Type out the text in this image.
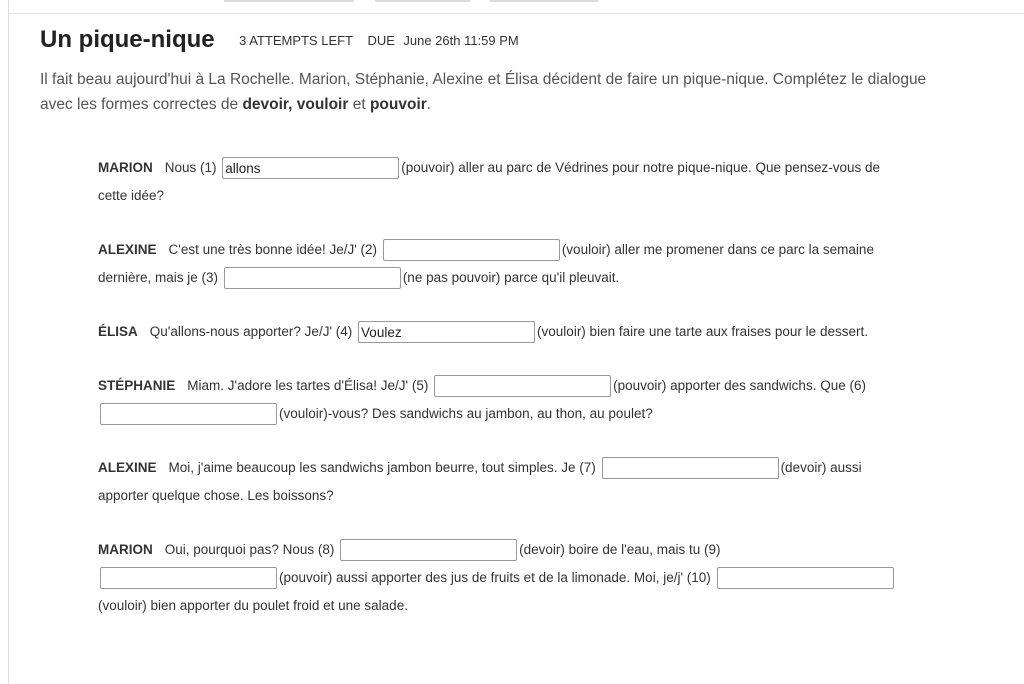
Un pique-nique 3 ATTEMPTS LEFT DUE June 26th 11:59 PM
Il fait beau aujourd'hui à La Rochelle. Marion, Stéphanie, Alexine et Élisa décident de faire un pique-nique. Complétez le dialogue avec les formes correctes de devoir, vouloir et pouvoir.
MARION Nous (1) allons	(pouvoir) aller au parc de Védrines pour notre pique-nique. Que pensez-vous de cette idée?
ALEXINE C'est une très bonne idée! Je/J' (2)	(vouloir) aller me promener dans ce parc la semaine dernière, mais je (3)	(ne pas pouvoir) parce qu'il pleuvait.
ÉLISA Qu'allons-nous apporter? Je/J' (4) Voulez	(vouloir) bien faire une tarte aux fraises pour le dessert.
STÉPHANIE Miam. J'adore les tartes d'Élisa! Je/J' (5)	(pouvoir) apporter des sandwichs. Que (6) (vouloir)-vous? Des sandwichs au jambon, au thon, au poulet?
ALEXINE Moi, j'aime beaucoup les sandwichs jambon beurre, tout simples. Je (7)	(devoir) aussi apporter quelque chose. Les boissons?
MARION Oui, pourquoi pas? Nous (8)	(devoir) boire de l'eau, mais tu (9) (pouvoir) aussi apporter des jus de fruits et de la limonade. Moi, je/j' (10) (vouloir) bien apporter du poulet froid et une salade.
